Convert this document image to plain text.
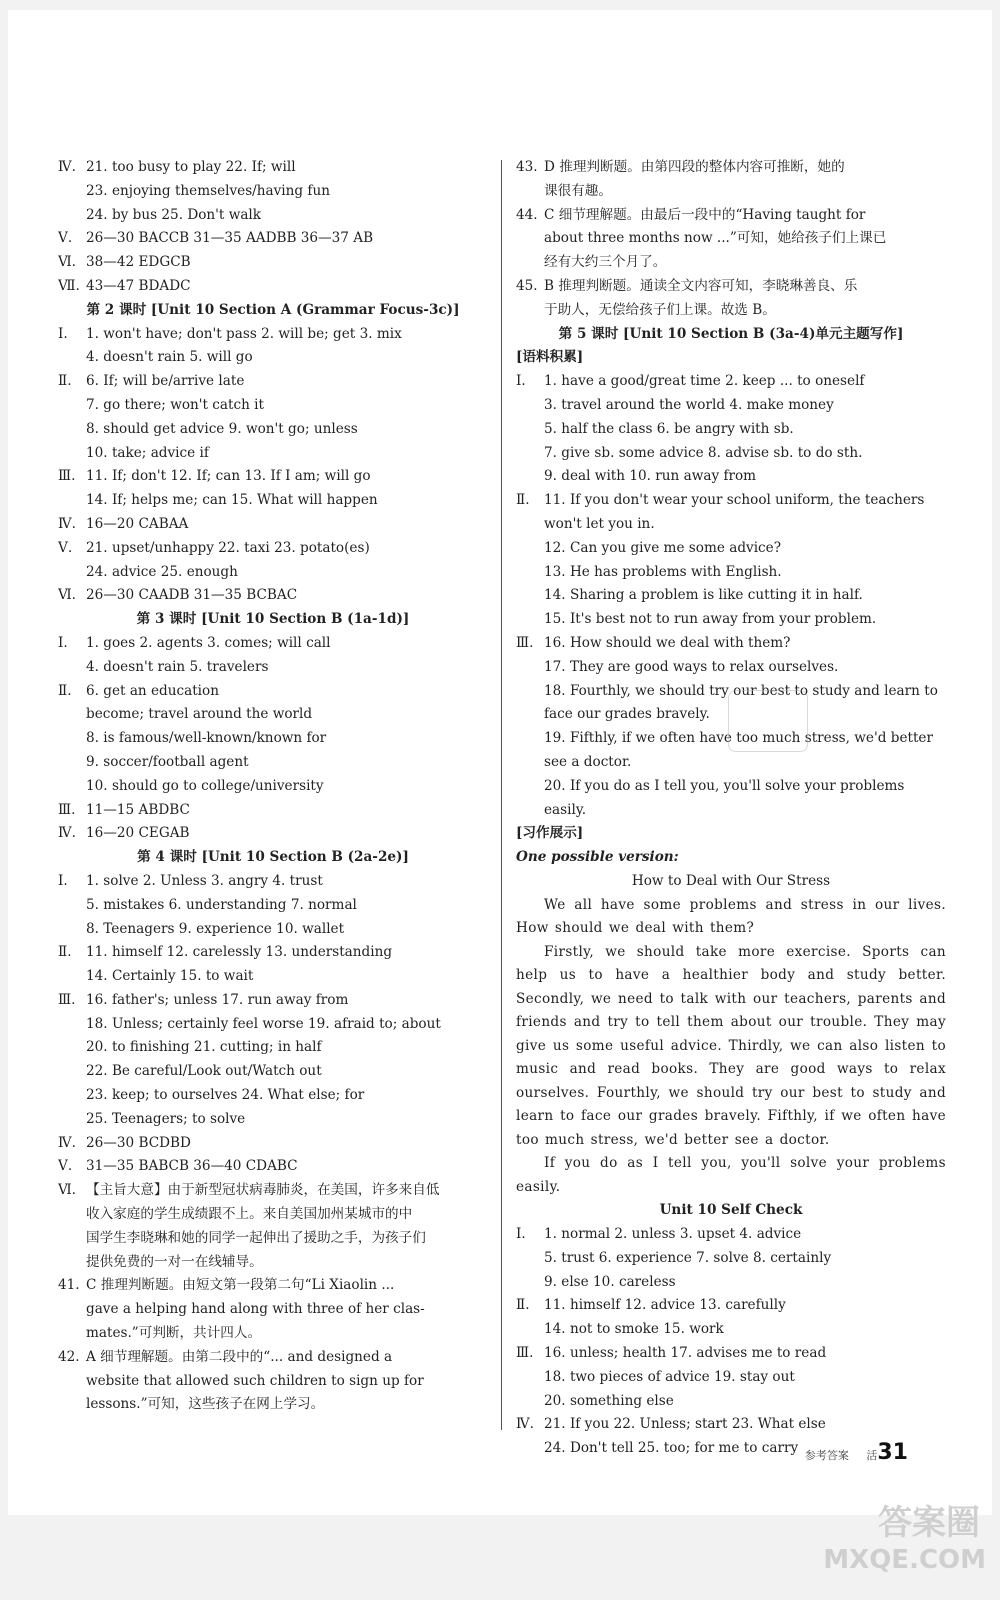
Ⅳ. 21. too busy to play 22. If; will
23. enjoying themselves/having fun
24. by bus 25. Don't walk
Ⅴ. 26—30 BACCB 31—35 AADBB 36—37 AB
Ⅵ. 38—42 EDGCB
Ⅶ. 43—47 BDADC
第 2 课时 [Unit 10 Section A (Grammar Focus-3c)]
Ⅰ. 1. won't have; don't pass 2. will be; get 3. mix
4. doesn't rain 5. will go
Ⅱ. 6. If; will be/arrive late
7. go there; won't catch it
8. should get advice 9. won't go; unless
10. take; advice if
Ⅲ. 11. If; don't 12. If; can 13. If I am; will go
14. If; helps me; can 15. What will happen
Ⅳ. 16—20 CABAA
Ⅴ. 21. upset/unhappy 22. taxi 23. potato(es)
24. advice 25. enough
Ⅵ. 26—30 CAADB 31—35 BCBAC
第 3 课时 [Unit 10 Section B (1a-1d)]
Ⅰ. 1. goes 2. agents 3. comes; will call
4. doesn't rain 5. travelers
Ⅱ. 6. get an education
become; travel around the world
8. is famous/well-known/known for
9. soccer/football agent
10. should go to college/university
Ⅲ. 11—15 ABDBC
Ⅳ. 16—20 CEGAB
第 4 课时 [Unit 10 Section B (2a-2e)]
Ⅰ. 1. solve 2. Unless 3. angry 4. trust
5. mistakes 6. understanding 7. normal
8. Teenagers 9. experience 10. wallet
Ⅱ. 11. himself 12. carelessly 13. understanding
14. Certainly 15. to wait
Ⅲ. 16. father's; unless 17. run away from
18. Unless; certainly feel worse 19. afraid to; about
20. to finishing 21. cutting; in half
22. Be careful/Look out/Watch out
23. keep; to ourselves 24. What else; for
25. Teenagers; to solve
Ⅳ. 26—30 BCDBD
Ⅴ. 31—35 BABCB 36—40 CDABC
Ⅵ. 【主旨大意】由于新型冠状病毒肺炎，在美国，许多来自低
收入家庭的学生成绩跟不上。来自美国加州某城市的中
国学生李晓琳和她的同学一起伸出了援助之手，为孩子们
提供免费的一对一在线辅导。
41. C 推理判断题。由短文第一段第二句“Li Xiaolin ...
gave a helping hand along with three of her clas-
mates.”可判断，共计四人。
42. A 细节理解题。由第二段中的“... and designed a
website that allowed such children to sign up for
lessons.”可知，这些孩子在网上学习。
43. D 推理判断题。由第四段的整体内容可推断，她的
课很有趣。
44. C 细节理解题。由最后一段中的“Having taught for
about three months now ...”可知，她给孩子们上课已
经有大约三个月了。
45. B 推理判断题。通读全文内容可知，李晓琳善良、乐
于助人，无偿给孩子们上课。故选 B。
第 5 课时 [Unit 10 Section B (3a-4)单元主题写作]
[语料积累]
Ⅰ. 1. have a good/great time 2. keep ... to oneself
3. travel around the world 4. make money
5. half the class 6. be angry with sb.
7. give sb. some advice 8. advise sb. to do sth.
9. deal with 10. run away from
Ⅱ. 11. If you don't wear your school uniform, the teachers
won't let you in.
12. Can you give me some advice?
13. He has problems with English.
14. Sharing a problem is like cutting it in half.
15. It's best not to run away from your problem.
Ⅲ. 16. How should we deal with them?
17. They are good ways to relax ourselves.
18. Fourthly, we should try our best to study and learn to
face our grades bravely.
19. Fifthly, if we often have too much stress, we'd better
see a doctor.
20. If you do as I tell you, you'll solve your problems
easily.
[习作展示]
One possible version:
How to Deal with Our Stress
We all have some problems and stress in our lives. How should we deal with them?
Firstly, we should take more exercise. Sports can help us to have a healthier body and study better. Secondly, we need to talk with our teachers, parents and friends and try to tell them about our trouble. They may give us some useful advice. Thirdly, we can also listen to music and read books. They are good ways to relax ourselves. Fourthly, we should try our best to study and learn to face our grades bravely. Fifthly, if we often have too much stress, we'd better see a doctor.
If you do as I tell you, you'll solve your problems easily.
Unit 10 Self Check
Ⅰ. 1. normal 2. unless 3. upset 4. advice
5. trust 6. experience 7. solve 8. certainly
9. else 10. careless
Ⅱ. 11. himself 12. advice 13. carefully
14. not to smoke 15. work
Ⅲ. 16. unless; health 17. advises me to read
18. two pieces of advice 19. stay out
20. something else
Ⅳ. 21. If you 22. Unless; start 23. What else
24. Don't tell 25. too; for me to carry 参考答案 活31
答案圈
MXQE.COM
